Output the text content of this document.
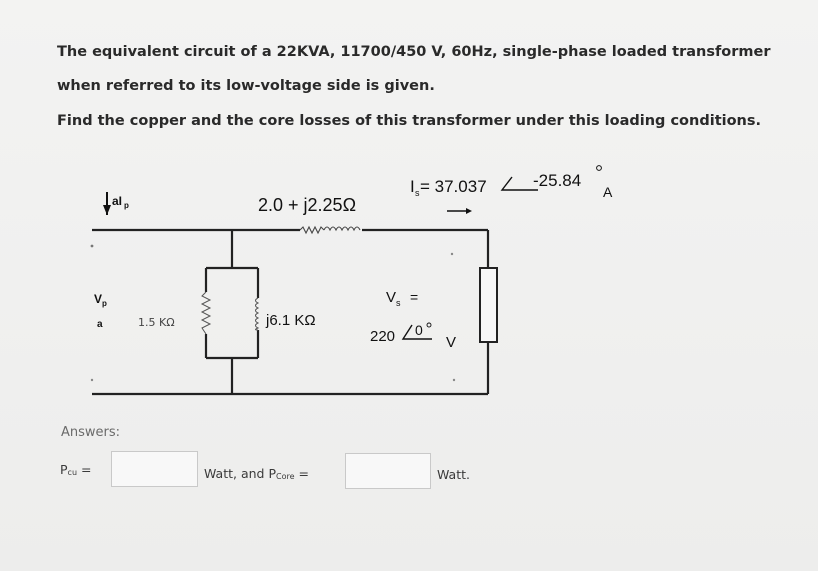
The equivalent circuit of a 22KVA, 11700/450 V, 60Hz, single-phase loaded transformer
when referred to its low-voltage side is given.
Find the copper and the core losses of this transformer under this loading conditions.
aI p
V p
a
2.0 + j2.25Ω
I s = 37.037	-25.84
A
1.5 KΩ	j6.1 KΩ
V s =
220 0
V
Answers:
$P_{cu}$ =	Watt, and $P_{Core}$ =	Watt.
